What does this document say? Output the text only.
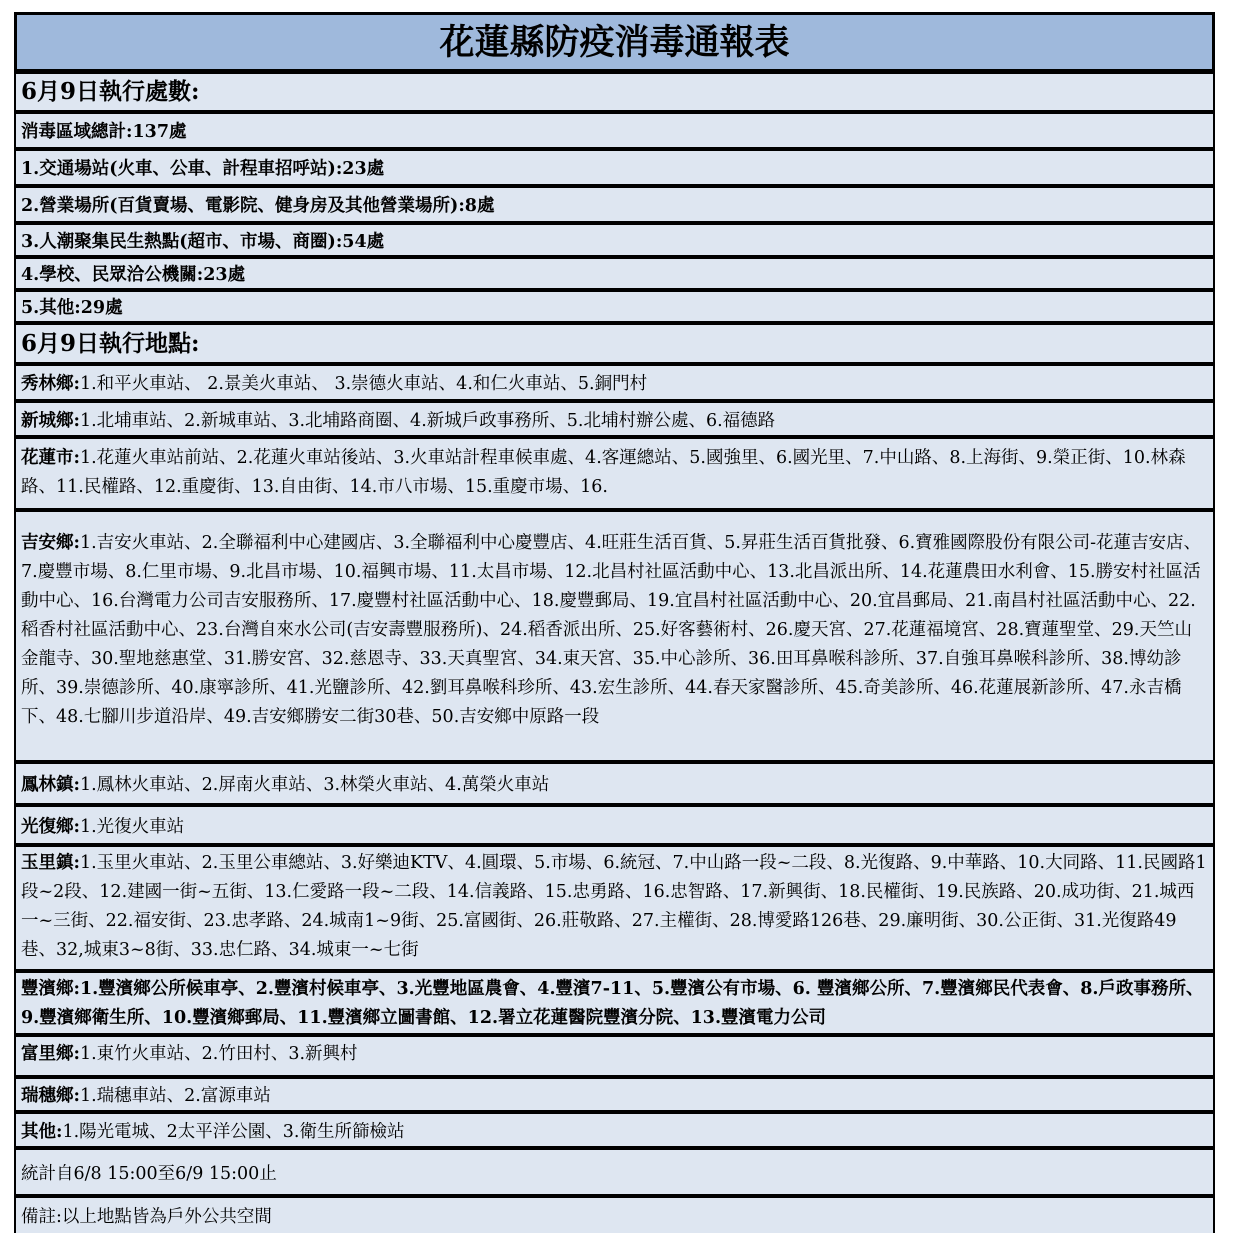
花蓮縣防疫消毒通報表
6月9日執行處數:
消毒區域總計:137處
1.交通場站(火車、公車、計程車招呼站):23處
2.營業場所(百貨賣場、電影院、健身房及其他營業場所):8處
3.人潮聚集民生熱點(超市、市場、商圈):54處
4.學校、民眾洽公機關:23處
5.其他:29處
6月9日執行地點:
秀林鄉: 1.和平火車站、 2.景美火車站、 3.崇德火車站、4.和仁火車站、5.銅門村
新城鄉: 1.北埔車站、2.新城車站、3.北埔路商圈、4.新城戶政事務所、5.北埔村辦公處、6.福德路
花蓮市:1.花蓮火車站前站、2.花蓮火車站後站、3.火車站計程車候車處、4.客運總站、5.國強里、6.國光里、7.中山路、8.上海街、9.榮正街、10.林森路、11.民權路、12.重慶街、13.自由街、14.市八市場、15.重慶市場、16.
吉安鄉:1.吉安火車站、2.全聯福利中心建國店、3.全聯福利中心慶豐店、4.旺莊生活百貨、5.昇莊生活百貨批發、6.寶雅國際股份有限公司-花蓮吉安店、7.慶豐市場、8.仁里市場、9.北昌市場、10.福興市場、11.太昌市場、12.北昌村社區活動中心、13.北昌派出所、14.花蓮農田水利會、15.勝安村社區活動中心、16.台灣電力公司吉安服務所、17.慶豐村社區活動中心、18.慶豐郵局、19.宜昌村社區活動中心、20.宜昌郵局、21.南昌村社區活動中心、22.稻香村社區活動中心、23.台灣自來水公司(吉安壽豐服務所)、24.稻香派出所、25.好客藝術村、26.慶天宮、27.花蓮福境宮、28.寶蓮聖堂、29.天竺山金龍寺、30.聖地慈惠堂、31.勝安宮、32.慈恩寺、33.天真聖宮、34.東天宮、35.中心診所、36.田耳鼻喉科診所、37.自強耳鼻喉科診所、38.博幼診所、39.崇德診所、40.康寧診所、41.光鹽診所、42.劉耳鼻喉科珍所、43.宏生診所、44.春天家醫診所、45.奇美診所、46.花蓮展新診所、47.永吉橋下、48.七腳川步道沿岸、49.吉安鄉勝安二街30巷、50.吉安鄉中原路一段
鳳林鎮: 1.鳳林火車站、2.屏南火車站、3.林榮火車站、4.萬榮火車站
光復鄉: 1.光復火車站
玉里鎮:1.玉里火車站、2.玉里公車總站、3.好樂迪KTV、4.圓環、5.市場、6.統冠、7.中山路一段~二段、8.光復路、9.中華路、10.大同路、11.民國路1段~2段、12.建國一街~五街、13.仁愛路一段~二段、14.信義路、15.忠勇路、16.忠智路、17.新興街、18.民權街、19.民族路、20.成功街、21.城西一~三街、22.福安街、23.忠孝路、24.城南1~9街、25.富國街、26.莊敬路、27.主權街、28.博愛路126巷、29.廉明街、30.公正街、31.光復路49巷、32,城東3~8街、33.忠仁路、34.城東一~七街
豐濱鄉:1.豐濱鄉公所候車亭、2.豐濱村候車亭、3.光豐地區農會、4.豐濱7-11、5.豐濱公有市場、6. 豐濱鄉公所、7.豐濱鄉民代表會、8.戶政事務所、9.豐濱鄉衛生所、10.豐濱鄉郵局、11.豐濱鄉立圖書館、12.署立花蓮醫院豐濱分院、13.豐濱電力公司
富里鄉: 1.東竹火車站、2.竹田村、3.新興村
瑞穗鄉: 1.瑞穗車站、2.富源車站
其他: 1.陽光電城、2太平洋公園、3.衛生所篩檢站
統計自6/8 15:00至6/9 15:00止
備註:以上地點皆為戶外公共空間
